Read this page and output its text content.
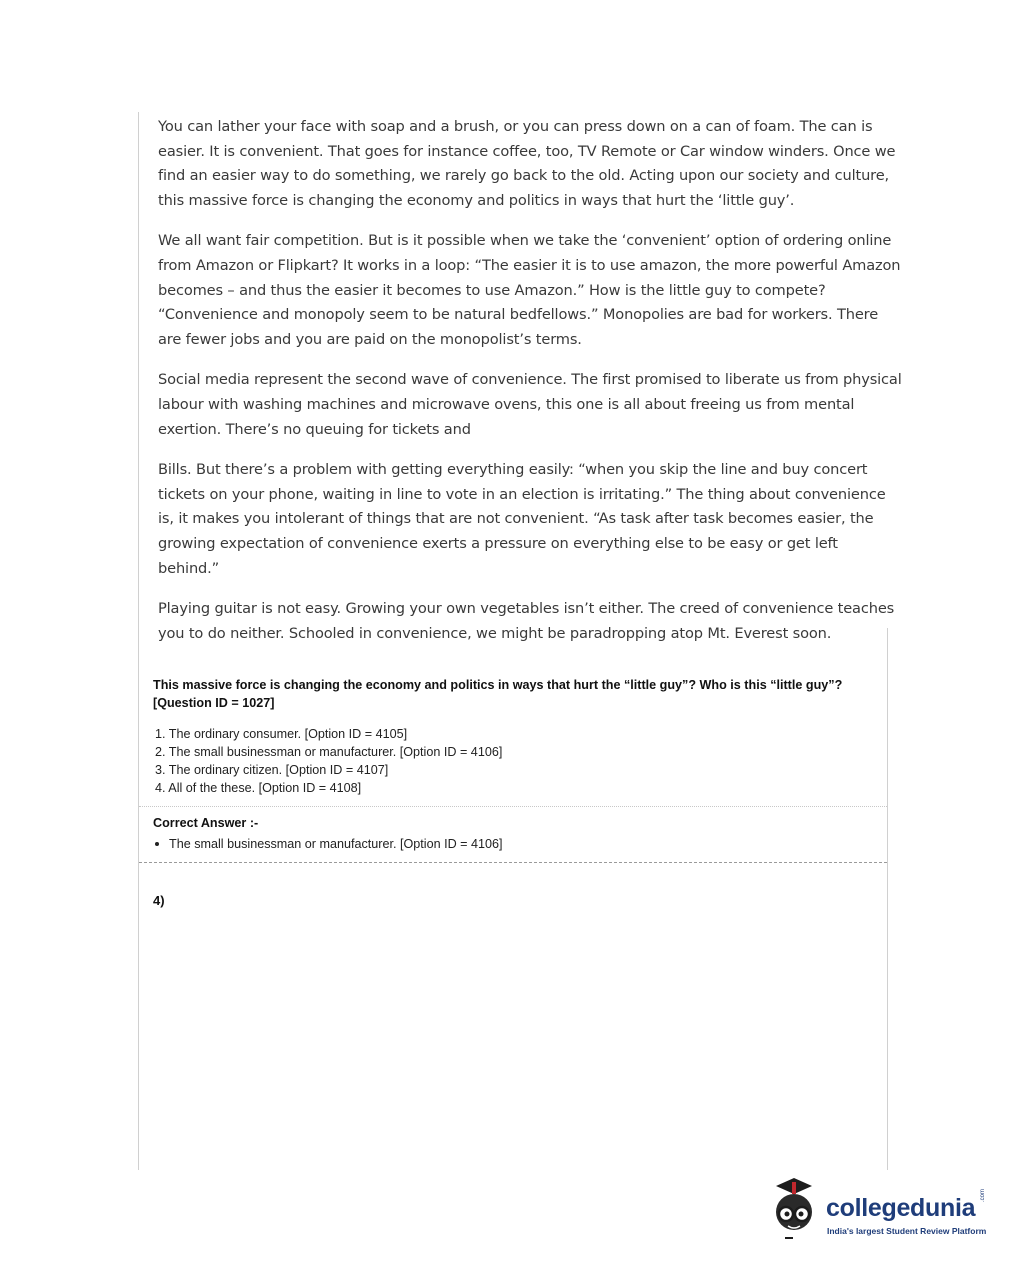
You can lather your face with soap and a brush, or you can press down on a can of foam. The can is easier. It is convenient. That goes for instance coffee, too, TV Remote or Car window winders. Once we find an easier way to do something, we rarely go back to the old. Acting upon our society and culture, this massive force is changing the economy and politics in ways that hurt the ‘little guy’.

We all want fair competition. But is it possible when we take the ‘convenient’ option of ordering online from Amazon or Flipkart? It works in a loop: “The easier it is to use amazon, the more powerful Amazon becomes – and thus the easier it becomes to use Amazon.” How is the little guy to compete? “Convenience and monopoly seem to be natural bedfellows.” Monopolies are bad for workers. There are fewer jobs and you are paid on the monopolist’s terms.

Social media represent the second wave of convenience. The first promised to liberate us from physical labour with washing machines and microwave ovens, this one is all about freeing us from mental exertion. There’s no queuing for tickets and

Bills. But there’s a problem with getting everything easily: “when you skip the line and buy concert tickets on your phone, waiting in line to vote in an election is irritating.” The thing about convenience is, it makes you intolerant of things that are not convenient. “As task after task becomes easier, the growing expectation of convenience exerts a pressure on everything else to be easy or get left behind.”

Playing guitar is not easy. Growing your own vegetables isn’t either. The creed of convenience teaches you to do neither. Schooled in convenience, we might be paradropping atop Mt. Everest soon.

This massive force is changing the economy and politics in ways that hurt the “little guy”? Who is this “little guy”? [Question ID = 1027]
1. The ordinary consumer. [Option ID = 4105]
2. The small businessman or manufacturer. [Option ID = 4106]
3. The ordinary citizen. [Option ID = 4107]
4. All of the these. [Option ID = 4108]
Correct Answer :-
The small businessman or manufacturer. [Option ID = 4106]
4)
collegedunia .com
India's largest Student Review Platform
